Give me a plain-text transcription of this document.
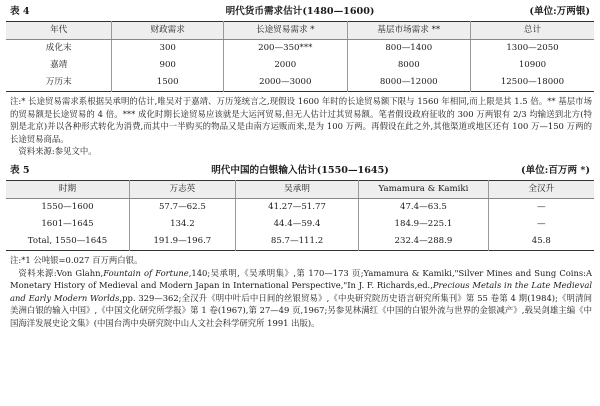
表 4	明代货币需求估计(1480—1600)	(单位:万两银)
年代	财政需求	长途贸易需求 *	基层市场需求 **	总计
成化末	300	200—350***	800—1400	1300—2050
嘉靖	900	2000	8000	10900
万历末	1500	2000—3000	8000—12000	12500—18000

注:* 长途贸易需求系根据吴承明的估计,唯吴对于嘉靖、万历笼统言之,现假设 1600 年时的长途贸易额下限与 1560 年相同,而上限是其 1.5 倍。** 基层市场的贸易额是长途贸易的 4 倍。*** 成化时期长途贸易应该就是大运河贸易,但无人估计过其贸易额。笔者假设政府征收的 300 万两银有 2/3 均输送到北方(特别是北京)并以各种形式转化为消费,而其中一半购买的物品又是由南方运贩而来,是为 100 万两。再假设在此之外,其他渠道或地区还有 100 万—150 万两的长途贸易商品。

资料来源:参见文中。

表 5	明代中国的白银输入估计(1550—1645)	(单位:百万两 *)
时期	万志英	吴承明	Yamamura & Kamiki	全汉升
1550—1600	57.7—62.5	41.27—51.77	47.4—63.5	—
1601—1645	134.2	44.4—59.4	184.9—225.1	—
Total, 1550—1645	191.9—196.7	85.7—111.2	232.4—288.9	45.8

注:*1 公吨银=0.027 百万两白银。

资料来源:Von Glahn,Fountain of Fortune,140;吴承明,《吴承明集》,第 170—173 页;Yamamura & Kamiki,"Silver Mines and Sung Coins:A Monetary History of Medieval and Modern Japan in International Perspective,"In J. F. Richards,ed.,Precious Metals in the Late Medieval and Early Modern Worlds,pp. 329—362;全汉升《明中叶后中日间的丝银贸易》,《中央研究院历史语言研究所集刊》第 55 卷第 4 期(1984);《明清间美洲白银的输入中国》,《中国文化研究所学报》第 1 卷(1967),第 27—49 页,1967;另参见林满红《中国的白银外流与世界的金银减产》,载吴剑雄主编《中国海洋发展史论文集》(中国台湾中央研究院中山人文社会科学研究所 1991 出版)。
